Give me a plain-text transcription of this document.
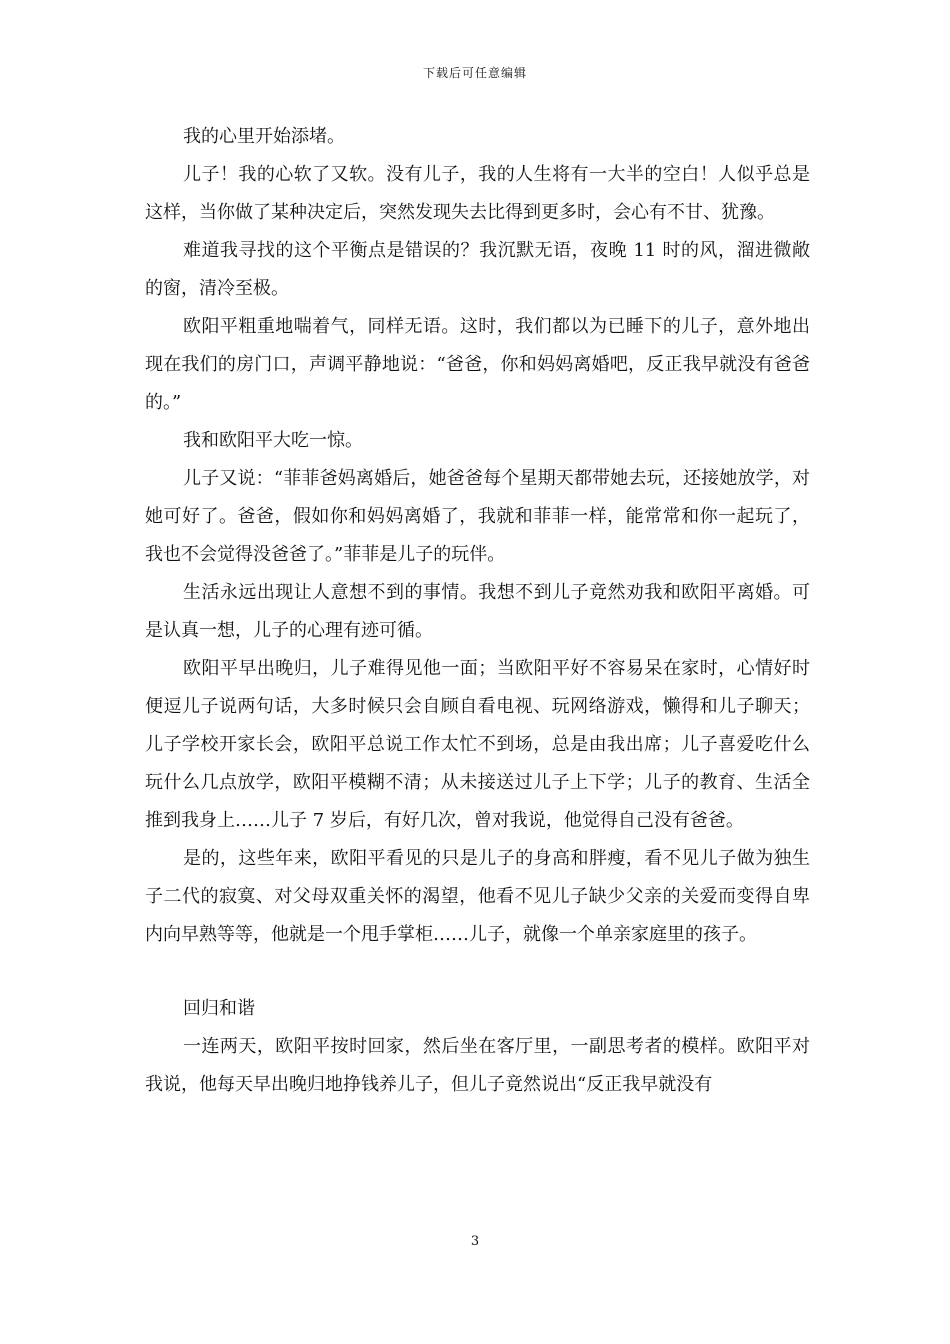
下载后可任意编辑

我的心里开始添堵。

儿子！我的心软了又软。没有儿子，我的人生将有一大半的空白！人似乎总是这样，当你做了某种决定后，突然发现失去比得到更多时，会心有不甘、犹豫。

难道我寻找的这个平衡点是错误的？我沉默无语，夜晚 11 时的风，溜进微敞的窗，清冷至极。

欧阳平粗重地喘着气，同样无语。这时，我们都以为已睡下的儿子，意外地出现在我们的房门口，声调平静地说：“爸爸，你和妈妈离婚吧，反正我早就没有爸爸的。”

我和欧阳平大吃一惊。

儿子又说：“菲菲爸妈离婚后，她爸爸每个星期天都带她去玩，还接她放学，对她可好了。爸爸，假如你和妈妈离婚了，我就和菲菲一样，能常常和你一起玩了，我也不会觉得没爸爸了。”菲菲是儿子的玩伴。

生活永远出现让人意想不到的事情。我想不到儿子竟然劝我和欧阳平离婚。可是认真一想，儿子的心理有迹可循。

欧阳平早出晚归，儿子难得见他一面；当欧阳平好不容易呆在家时，心情好时便逗儿子说两句话，大多时候只会自顾自看电视、玩网络游戏，懒得和儿子聊天；儿子学校开家长会，欧阳平总说工作太忙不到场，总是由我出席；儿子喜爱吃什么玩什么几点放学，欧阳平模糊不清；从未接送过儿子上下学；儿子的教育、生活全推到我身上……儿子 7 岁后，有好几次，曾对我说，他觉得自己没有爸爸。

是的，这些年来，欧阳平看见的只是儿子的身高和胖瘦，看不见儿子做为独生子二代的寂寞、对父母双重关怀的渴望，他看不见儿子缺少父亲的关爱而变得自卑内向早熟等等，他就是一个甩手掌柜……儿子，就像一个单亲家庭里的孩子。

回归和谐

一连两天，欧阳平按时回家，然后坐在客厅里，一副思考者的模样。欧阳平对我说，他每天早出晚归地挣钱养儿子，但儿子竟然说出“反正我早就没有

3
